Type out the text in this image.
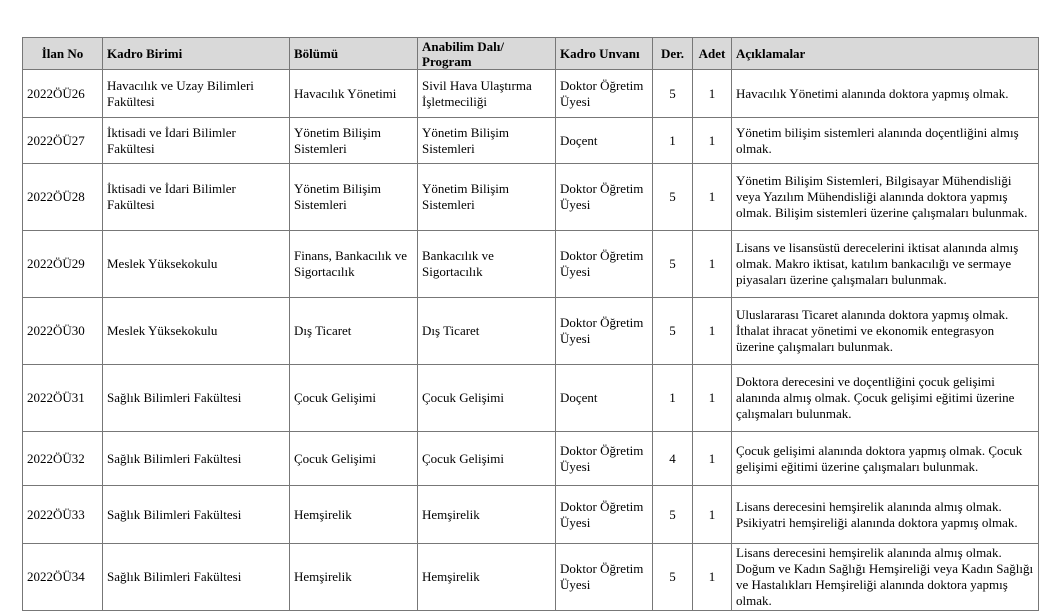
İlan No	Kadro Birimi	Bölümü	Anabilim Dalı/ Program	Kadro Unvanı	Der.	Adet	Açıklamalar
2022ÖÜ26	Havacılık ve Uzay Bilimleri Fakültesi	Havacılık Yönetimi	Sivil Hava Ulaştırma İşletmeciliği	Doktor Öğretim Üyesi	5	1	Havacılık Yönetimi alanında doktora yapmış olmak.
2022ÖÜ27	İktisadi ve İdari Bilimler Fakültesi	Yönetim Bilişim Sistemleri	Yönetim Bilişim Sistemleri	Doçent	1	1	Yönetim bilişim sistemleri alanında doçentliğini almış olmak.
2022ÖÜ28	İktisadi ve İdari Bilimler Fakültesi	Yönetim Bilişim Sistemleri	Yönetim Bilişim Sistemleri	Doktor Öğretim Üyesi	5	1	Yönetim Bilişim Sistemleri, Bilgisayar Mühendisliği veya Yazılım Mühendisliği alanında doktora yapmış olmak. Bilişim sistemleri üzerine çalışmaları bulunmak.
2022ÖÜ29	Meslek Yüksekokulu	Finans, Bankacılık ve Sigortacılık	Bankacılık ve Sigortacılık	Doktor Öğretim Üyesi	5	1	Lisans ve lisansüstü derecelerini iktisat alanında almış olmak. Makro iktisat, katılım bankacılığı ve sermaye piyasaları üzerine çalışmaları bulunmak.
2022ÖÜ30	Meslek Yüksekokulu	Dış Ticaret	Dış Ticaret	Doktor Öğretim Üyesi	5	1	Uluslararası Ticaret alanında doktora yapmış olmak. İthalat ihracat yönetimi ve ekonomik entegrasyon üzerine çalışmaları bulunmak.
2022ÖÜ31	Sağlık Bilimleri Fakültesi	Çocuk Gelişimi	Çocuk Gelişimi	Doçent	1	1	Doktora derecesini ve doçentliğini çocuk gelişimi alanında almış olmak. Çocuk gelişimi eğitimi üzerine çalışmaları bulunmak.
2022ÖÜ32	Sağlık Bilimleri Fakültesi	Çocuk Gelişimi	Çocuk Gelişimi	Doktor Öğretim Üyesi	4	1	Çocuk gelişimi alanında doktora yapmış olmak. Çocuk gelişimi eğitimi üzerine çalışmaları bulunmak.
2022ÖÜ33	Sağlık Bilimleri Fakültesi	Hemşirelik	Hemşirelik	Doktor Öğretim Üyesi	5	1	Lisans derecesini hemşirelik alanında almış olmak. Psikiyatri hemşireliği alanında doktora yapmış olmak.
2022ÖÜ34	Sağlık Bilimleri Fakültesi	Hemşirelik	Hemşirelik	Doktor Öğretim Üyesi	5	1	Lisans derecesini hemşirelik alanında almış olmak. Doğum ve Kadın Sağlığı Hemşireliği veya Kadın Sağlığı ve Hastalıkları Hemşireliği alanında doktora yapmış olmak.
